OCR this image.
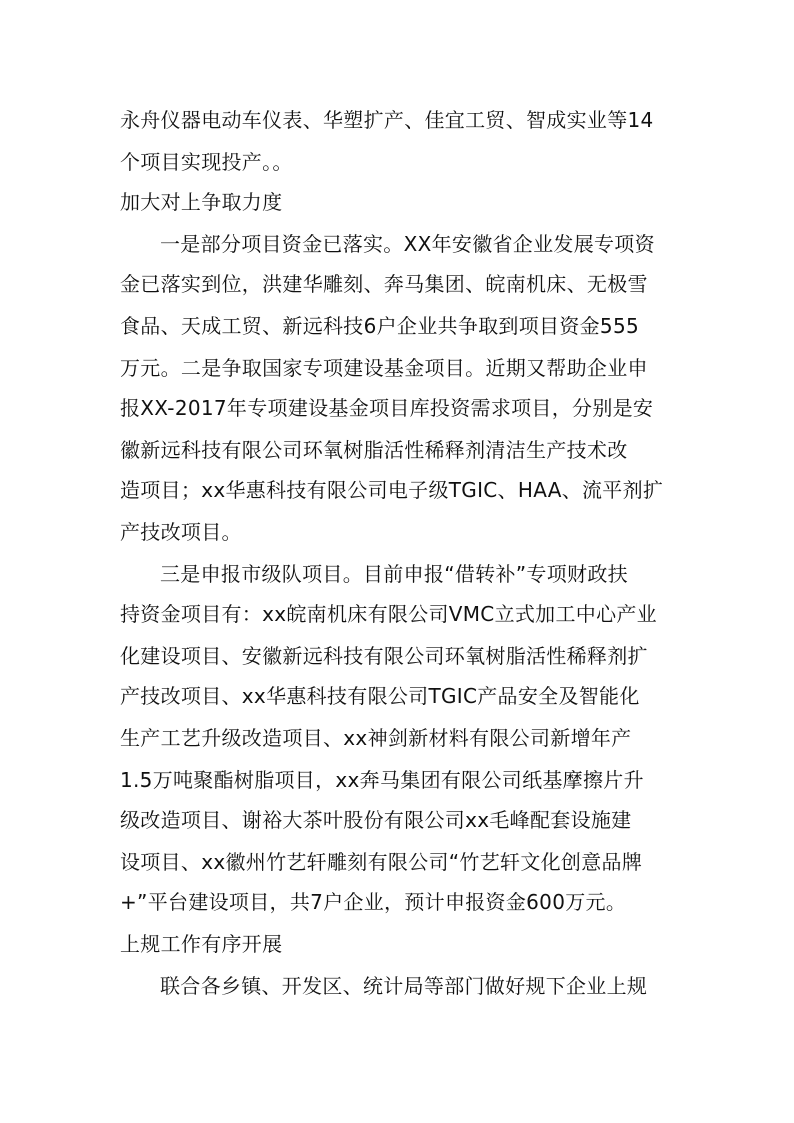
永舟仪器电动车仪表、华塑扩产、佳宜工贸、智成实业等14
个项目实现投产。。
加大对上争取力度
一是部分项目资金已落实。XX年安徽省企业发展专项资
金已落实到位，洪建华雕刻、奔马集团、皖南机床、无极雪
食品、天成工贸、新远科技6户企业共争取到项目资金555
万元。二是争取国家专项建设基金项目。近期又帮助企业申
报XX-2017年专项建设基金项目库投资需求项目，分别是安
徽新远科技有限公司环氧树脂活性稀释剂清洁生产技术改
造项目；xx华惠科技有限公司电子级TGIC、HAA、流平剂扩
产技改项目。
三是申报市级队项目。目前申报“借转补”专项财政扶
持资金项目有：xx皖南机床有限公司VMC立式加工中心产业
化建设项目、安徽新远科技有限公司环氧树脂活性稀释剂扩
产技改项目、xx华惠科技有限公司TGIC产品安全及智能化
生产工艺升级改造项目、xx神剑新材料有限公司新增年产
1.5万吨聚酯树脂项目，xx奔马集团有限公司纸基摩擦片升
级改造项目、谢裕大茶叶股份有限公司xx毛峰配套设施建
设项目、xx徽州竹艺轩雕刻有限公司“竹艺轩文化创意品牌
+”平台建设项目，共7户企业，预计申报资金600万元。
上规工作有序开展
联合各乡镇、开发区、统计局等部门做好规下企业上规
